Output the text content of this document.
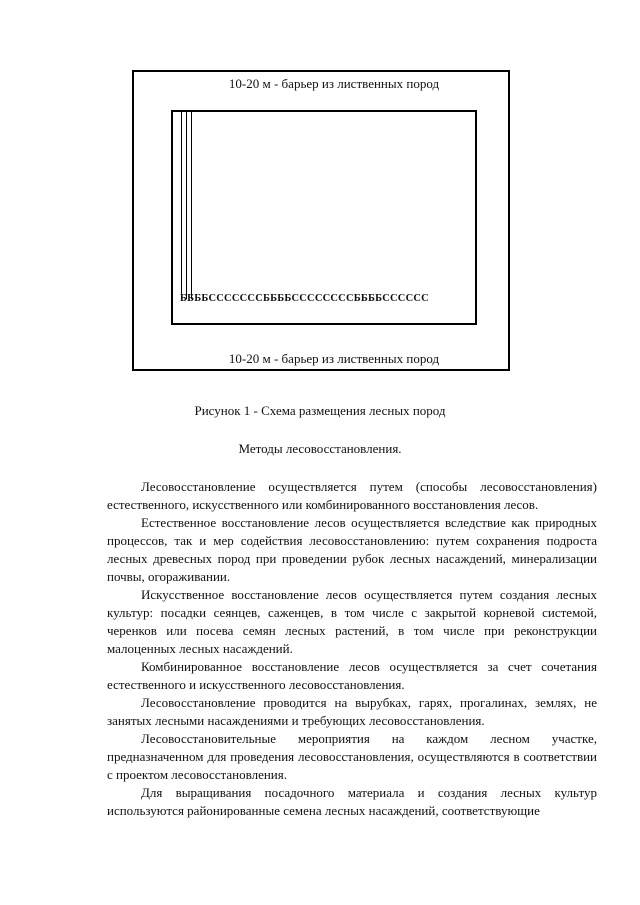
10-20 м - барьер из лиственных пород
ББББСССССССББББССССССССББББСССССС
10-20 м - барьер из лиственных пород
Рисунок 1 - Схема размещения лесных пород
Методы лесовосстановления.

Лесовосстановление осуществляется путем (способы лесовосстановления) естественного, искусственного или комбинированного восстановления лесов.

Естественное восстановление лесов осуществляется вследствие как природных процессов, так и мер содействия лесовосстановлению: путем сохранения подроста лесных древесных пород при проведении рубок лесных насаждений, минерализации почвы, огораживании.

Искусственное восстановление лесов осуществляется путем создания лесных культур: посадки сеянцев, саженцев, в том числе с закрытой корневой системой, черенков или посева семян лесных растений, в том числе при реконструкции малоценных лесных насаждений.

Комбинированное восстановление лесов осуществляется за счет сочетания естественного и искусственного лесовосстановления.

Лесовосстановление проводится на вырубках, гарях, прогалинах, землях, не занятых лесными насаждениями и требующих лесовосстановления.

Лесовосстановительные мероприятия на каждом лесном участке, предназначенном для проведения лесовосстановления, осуществляются в соответствии с проектом лесовосстановления.

Для выращивания посадочного материала и создания лесных культур используются районированные семена лесных насаждений, соответствующие
